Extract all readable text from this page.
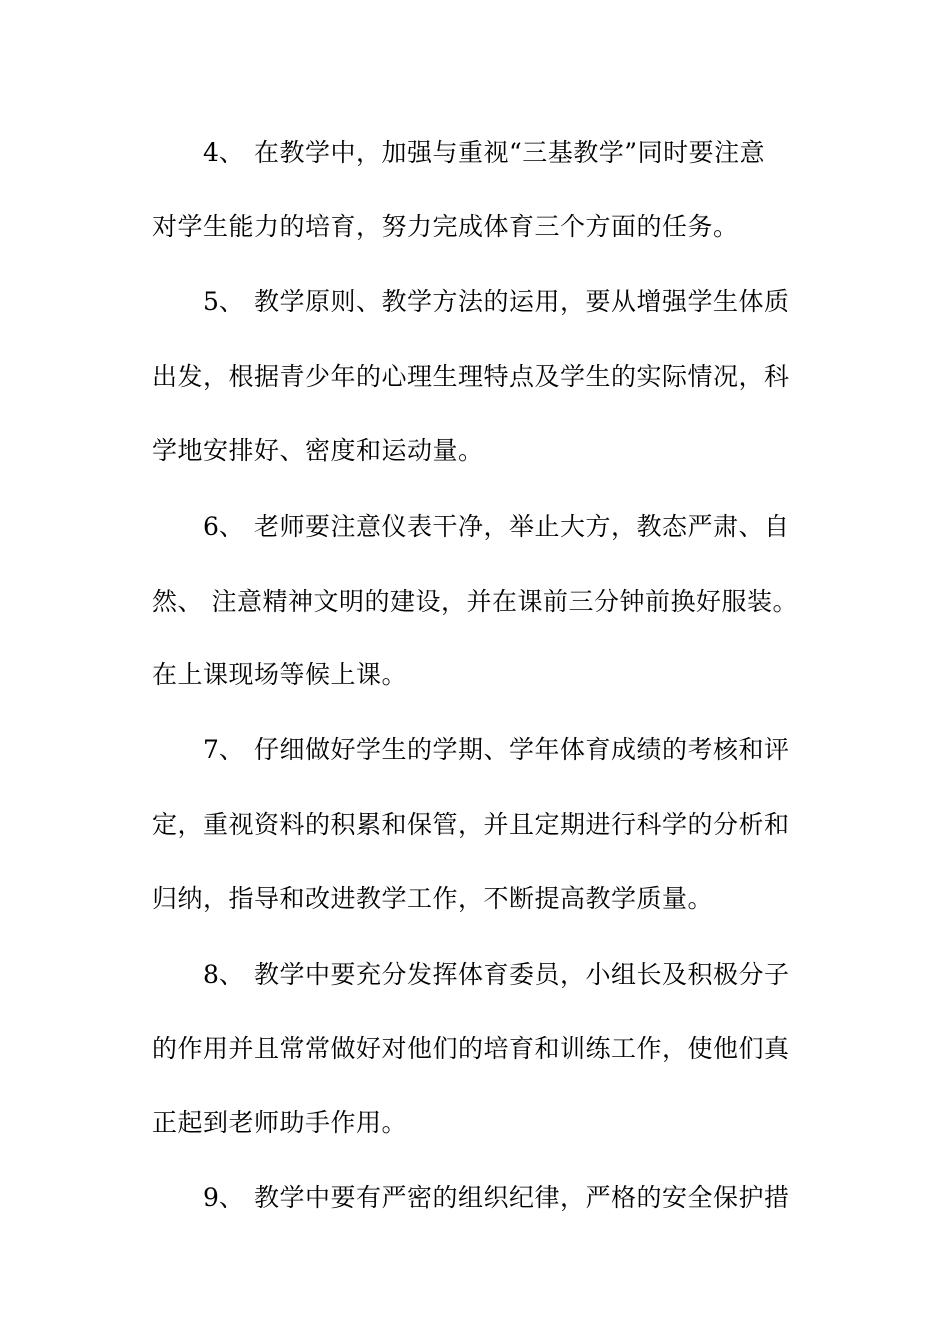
4、 在教学中，加强与重视“三基教学”同时要注意
对学生能力的培育，努力完成体育三个方面的任务。
5、 教学原则、教学方法的运用，要从增强学生体质
出发，根据青少年的心理生理特点及学生的实际情况，科
学地安排好、密度和运动量。
6、 老师要注意仪表干净，举止大方，教态严肃、自
然、 注意精神文明的建设，并在课前三分钟前换好服装。
在上课现场等候上课。
7、 仔细做好学生的学期、学年体育成绩的考核和评
定，重视资料的积累和保管，并且定期进行科学的分析和
归纳，指导和改进教学工作，不断提高教学质量。
8、 教学中要充分发挥体育委员，小组长及积极分子
的作用并且常常做好对他们的培育和训练工作，使他们真
正起到老师助手作用。
9、 教学中要有严密的组织纪律，严格的安全保护措
